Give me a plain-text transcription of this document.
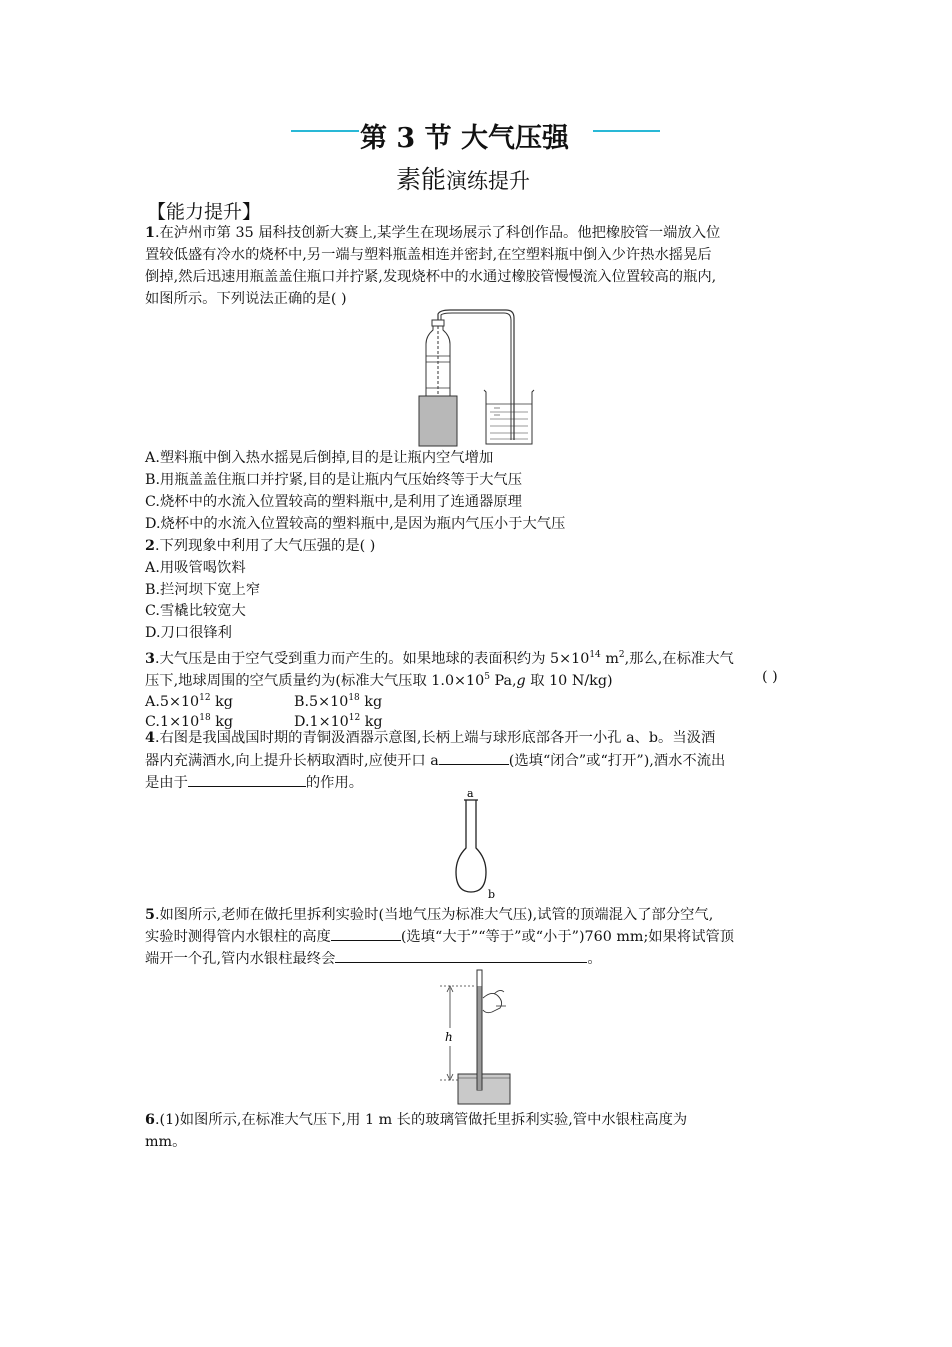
第 3 节 大气压强
素能演练提升
【能力提升】
1.在泸州市第 35 届科技创新大赛上,某学生在现场展示了科创作品。他把橡胶管一端放入位
置较低盛有冷水的烧杯中,另一端与塑料瓶盖相连并密封,在空塑料瓶中倒入少许热水摇晃后
倒掉,然后迅速用瓶盖盖住瓶口并拧紧,发现烧杯中的水通过橡胶管慢慢流入位置较高的瓶内,
如图所示。下列说法正确的是( )
A.塑料瓶中倒入热水摇晃后倒掉,目的是让瓶内空气增加
B.用瓶盖盖住瓶口并拧紧,目的是让瓶内气压始终等于大气压
C.烧杯中的水流入位置较高的塑料瓶中,是利用了连通器原理
D.烧杯中的水流入位置较高的塑料瓶中,是因为瓶内气压小于大气压
2.下列现象中利用了大气压强的是( )
A.用吸管喝饮料
B.拦河坝下宽上窄
C.雪橇比较宽大
D.刀口很锋利
3.大气压是由于空气受到重力而产生的。如果地球的表面积约为 $5\times 10^{14}$ $m^2$,那么,在标准大气
压下,地球周围的空气质量约为(标准大气压取 $1.0\times 10^5$ Pa,g 取 10 N/kg)	( )
$A.5\times 10^{12}$ kg	$B.5\times 10^{18}$ kg
$C.1\times 10^{18}$ kg	$D.1\times 10^{12}$ kg
4.右图是我国战国时期的青铜汲酒器示意图,长柄上端与球形底部各开一小孔 a、b。当汲酒
器内充满酒水,向上提升长柄取酒时,应使开口 a	(选填“闭合”或“打开”),酒水不流出
是由于	的作用。
a
b
5.如图所示,老师在做托里拆利实验时(当地气压为标准大气压),试管的顶端混入了部分空气,
实验时测得管内水银柱的高度	(选填“大于”“等于”或“小于”)760 mm;如果将试管顶
端开一个孔,管内水银柱最终会	。
h
6.(1)如图所示,在标准大气压下,用 1 m 长的玻璃管做托里拆利实验,管中水银柱高度为
mm。
